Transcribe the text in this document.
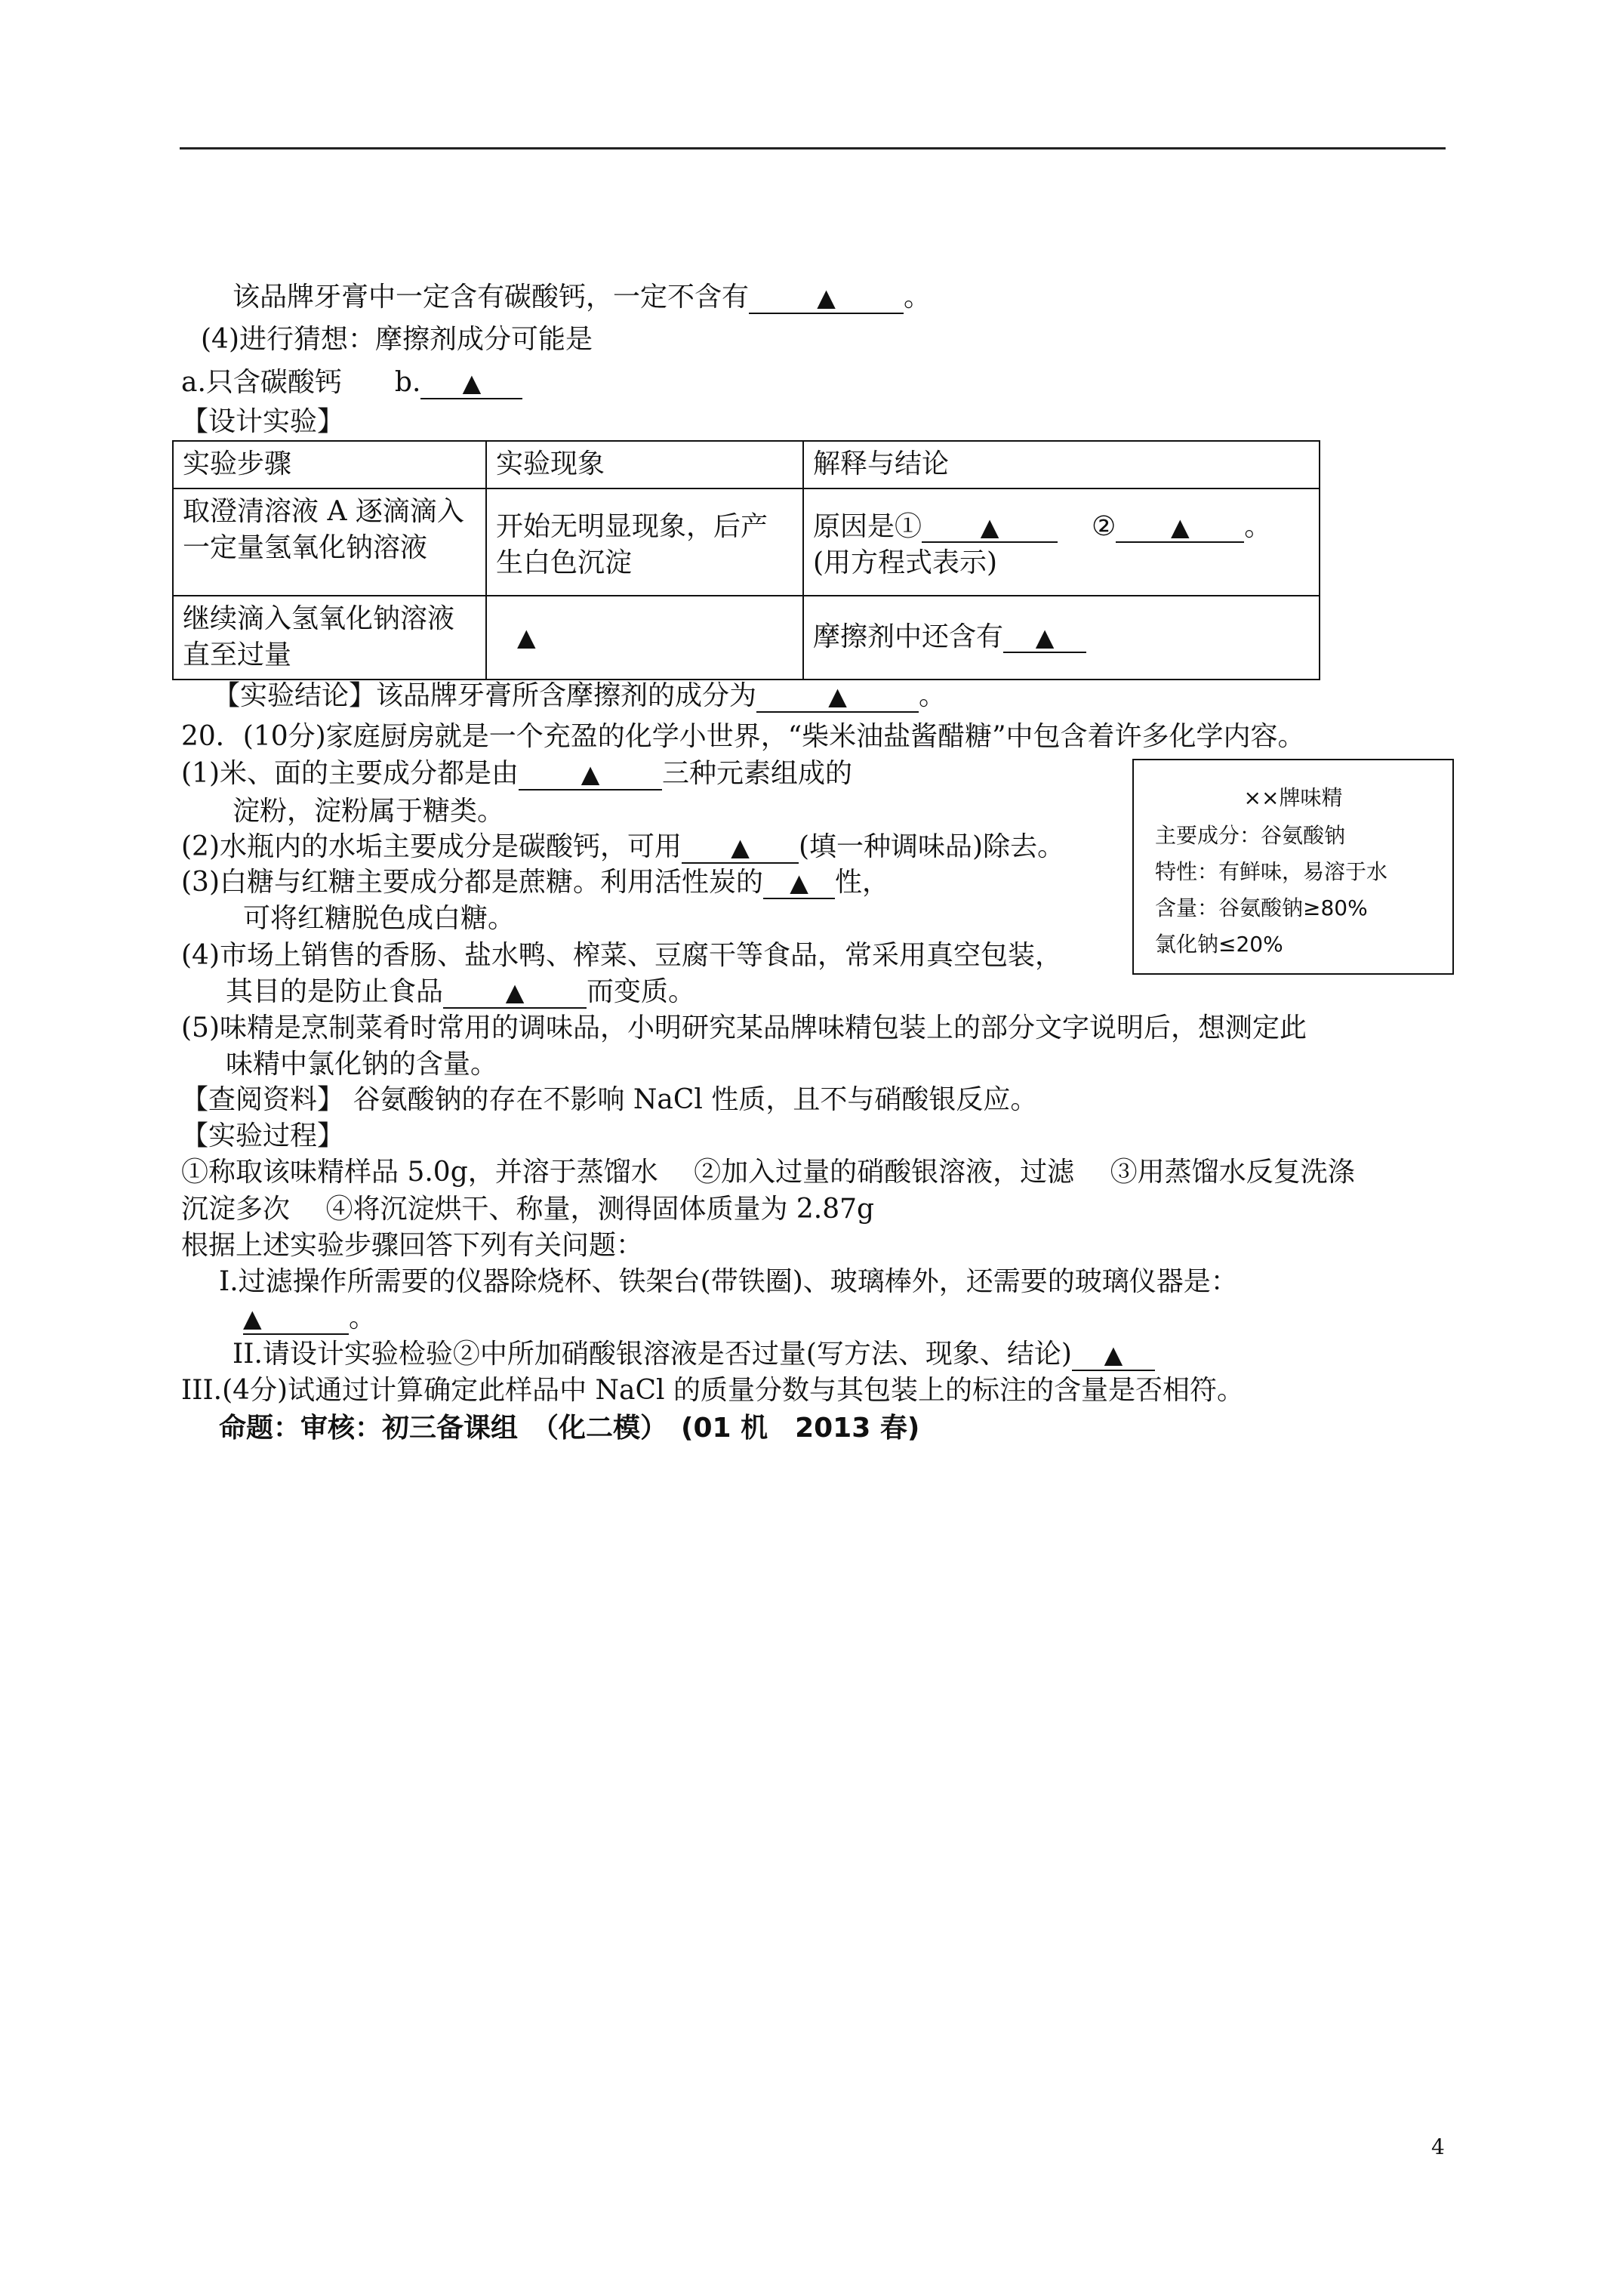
该品牌牙膏中一定含有碳酸钙，一定不含有	▲	。
(4)进行猜想：摩擦剂成分可能是
a.只含碳酸钙 b. ▲
【设计实验】
实验步骤	实验现象	解释与结论

取澄清溶液 A 逐滴滴入一定量氢氧化钠溶液	开始无明显现象，后产生白色沉淀	原因是① ▲ ② ▲ 。
(用方程式表示)

继续滴入氢氧化钠溶液直至过量	▲	摩擦剂中还含有 ▲
【实验结论】该品牌牙膏所含摩擦剂的成分为	▲	。
20．(10分)家庭厨房就是一个充盈的化学小世界，“柴米油盐酱醋糖”中包含着许多化学内容。
(1)米、面的主要成分都是由	▲ 三种元素组成的
淀粉，淀粉属于糖类。
(2)水瓶内的水垢主要成分是碳酸钙，可用 ▲ (填一种调味品)除去。
(3)白糖与红糖主要成分都是蔗糖。利用活性炭的 ▲ 性，
可将红糖脱色成白糖。
(4)市场上销售的香肠、盐水鸭、榨菜、豆腐干等食品，常采用真空包装，
其目的是防止食品	▲ 而变质。
(5)味精是烹制菜肴时常用的调味品，小明研究某品牌味精包装上的部分文字说明后，想测定此
味精中氯化钠的含量。
【查阅资料】 谷氨酸钠的存在不影响 NaCl 性质，且不与硝酸银反应。
【实验过程】
①称取该味精样品 5.0g，并溶于蒸馏水　 ②加入过量的硝酸银溶液，过滤　 ③用蒸馏水反复洗涤
沉淀多次　 ④将沉淀烘干、称量，测得固体质量为 2.87g
根据上述实验步骤回答下列有关问题：
I.过滤操作所需要的仪器除烧杯、铁架台(带铁圈)、玻璃棒外，还需要的玻璃仪器是：
▲	。
II.请设计实验检验②中所加硝酸银溶液是否过量(写方法、现象、结论) ▲
III.(4分)试通过计算确定此样品中 NaCl 的质量分数与其包装上的标注的含量是否相符。
命题：审核：初三备课组　（化二模）　(01 机　2013 春)
××牌味精
主要成分：谷氨酸钠
特性：有鲜味，易溶于水
含量：谷氨酸钠≥80%
氯化钠≤20%
4
